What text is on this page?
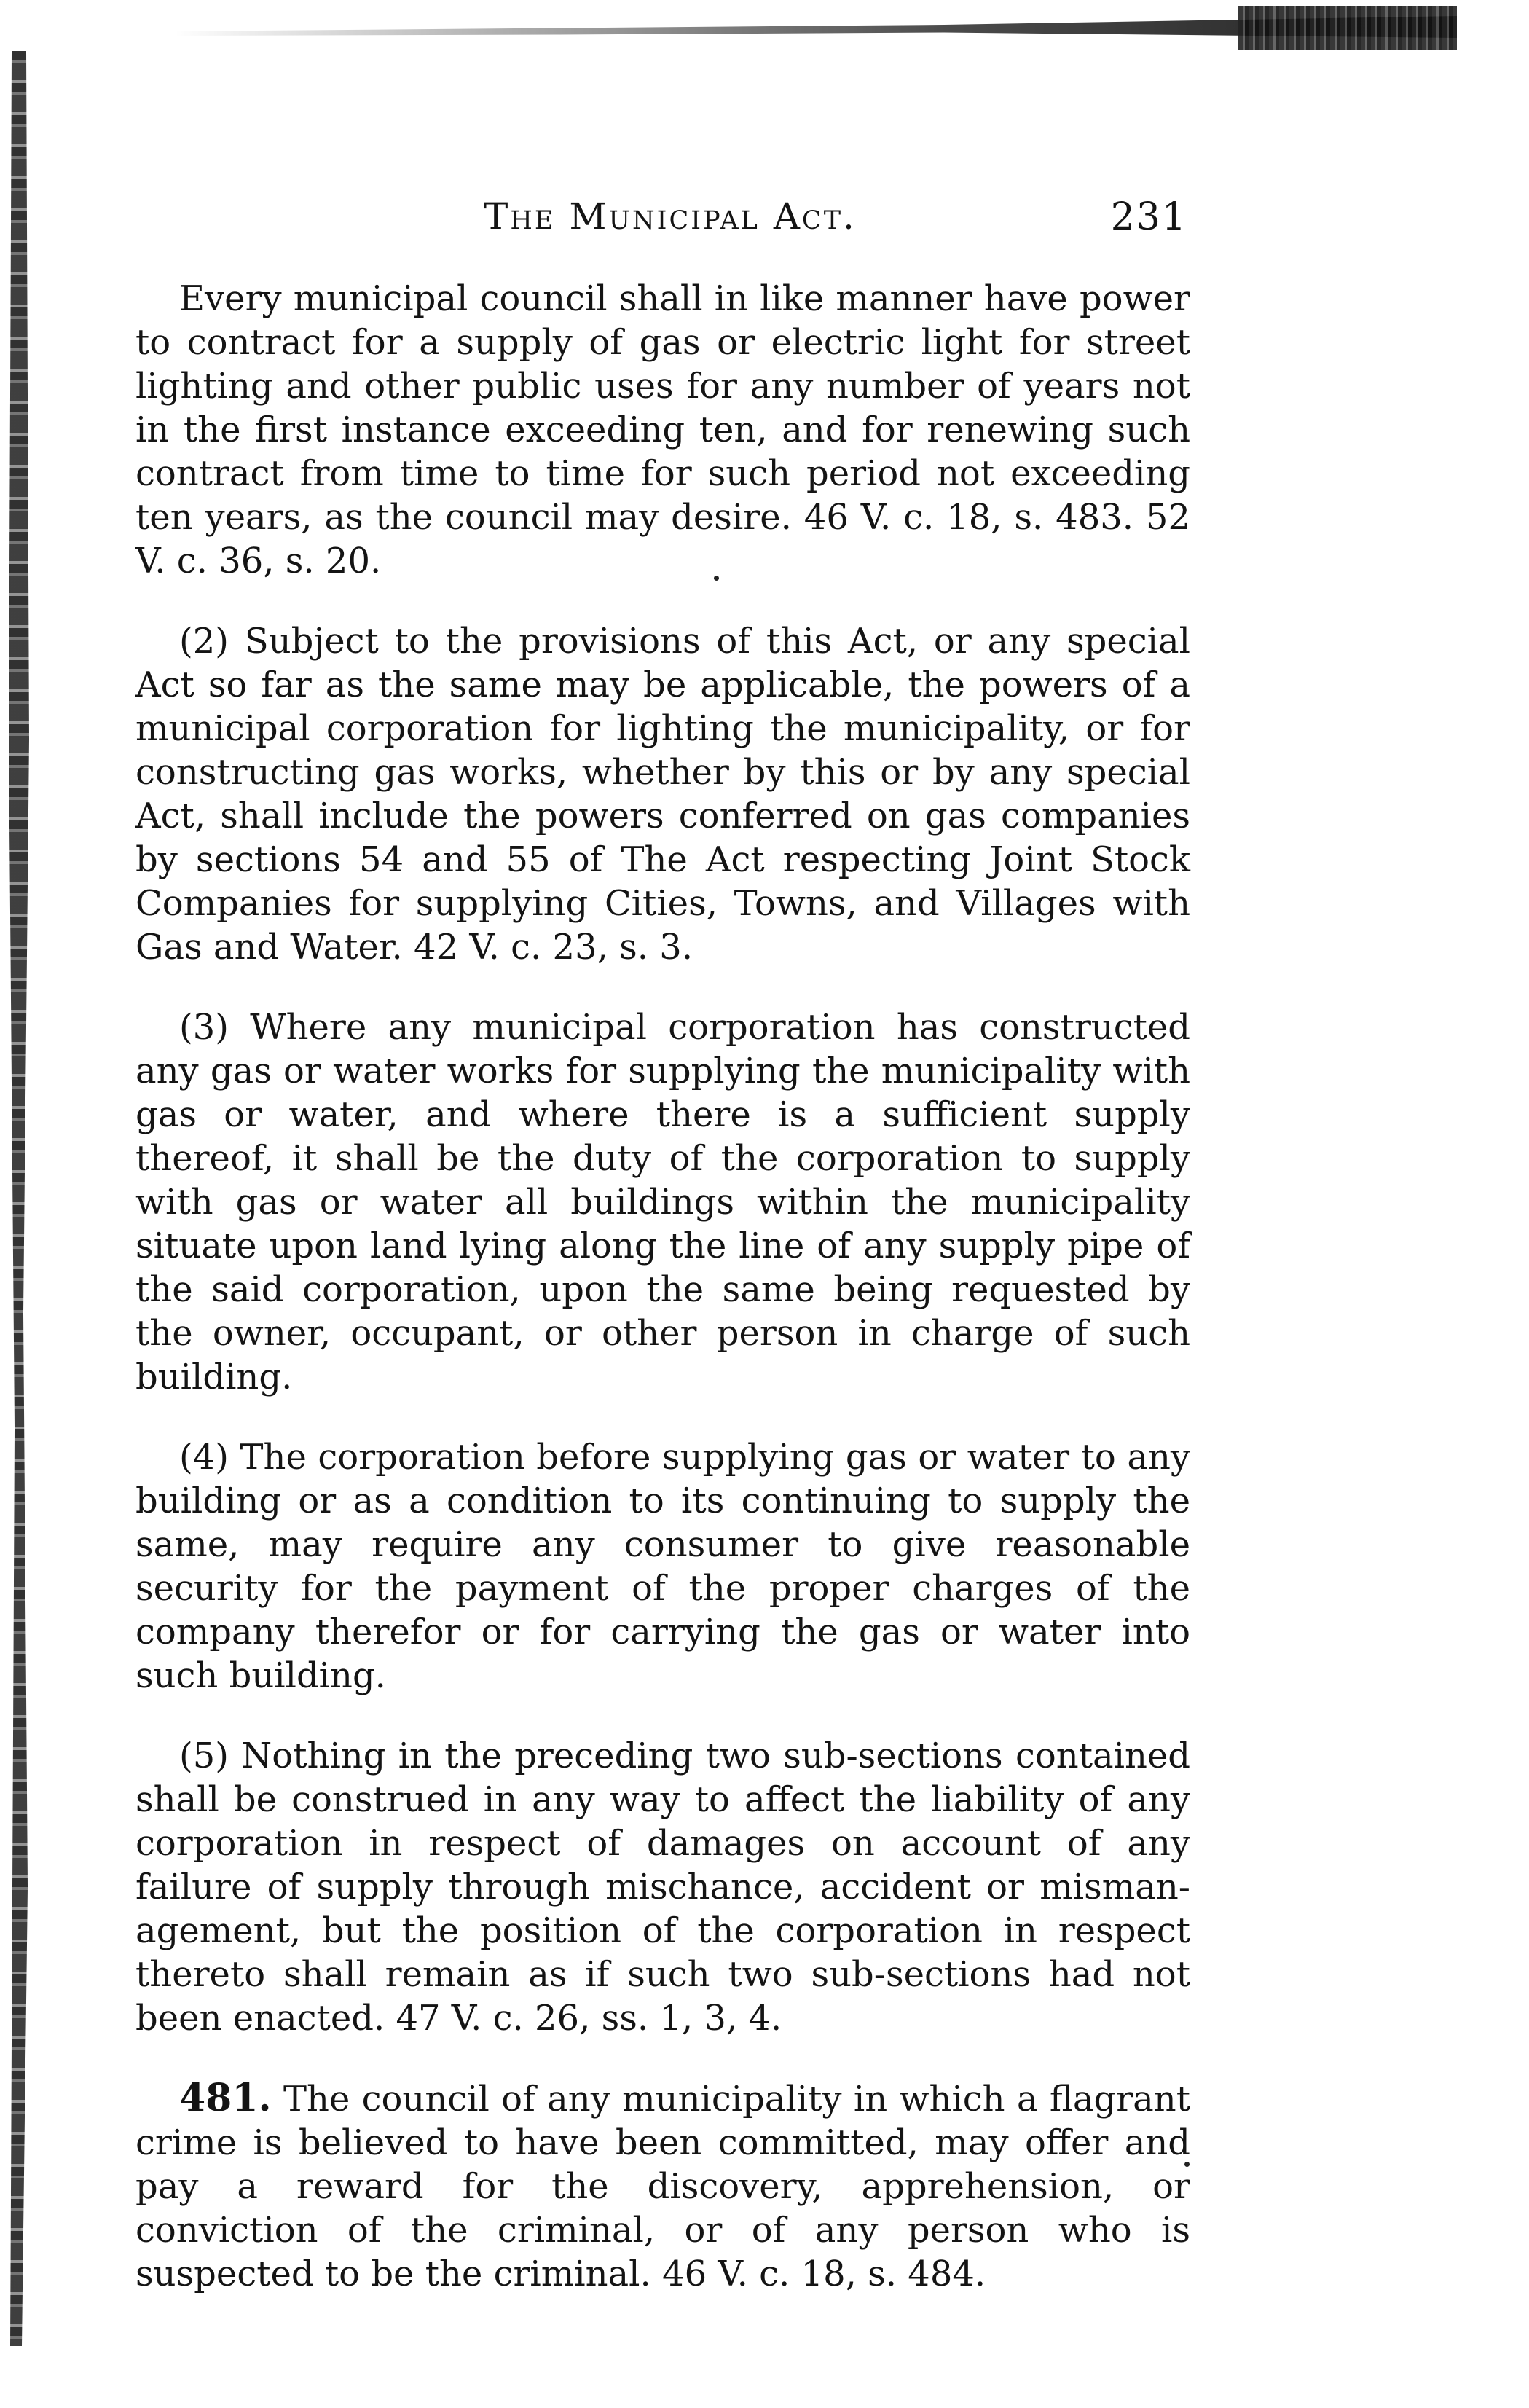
The Municipal Act.	231

Every municipal council shall in like manner have power to contract for a supply of gas or electric light for street lighting and other public uses for any number of years not in the first instance exceeding ten, and for renewing such contract from time to time for such period not exceeding ten years, as the council may desire. 46 V. c. 18, s. 483. 52 V. c. 36, s. 20.

(2) Subject to the provisions of this Act, or any special Act so far as the same may be applicable, the powers of a municipal corporation for lighting the municipality, or for constructing gas works, whether by this or by any special Act, shall include the powers conferred on gas companies by sections 54 and 55 of The Act respecting Joint Stock Companies for supplying Cities, Towns, and Villages with Gas and Water. 42 V. c. 23, s. 3.

(3) Where any municipal corporation has constructed any gas or water works for supplying the municipality with gas or water, and where there is a sufficient supply thereof, it shall be the duty of the corporation to supply with gas or water all buildings within the municipality situate upon land lying along the line of any supply pipe of the said corporation, upon the same being requested by the owner, occupant, or other person in charge of such building.

(4) The corporation before supplying gas or water to any building or as a condition to its continuing to supply the same, may require any consumer to give reasonable security for the payment of the proper charges of the company therefor or for carrying the gas or water into such building.

(5) Nothing in the preceding two sub-sections contained shall be construed in any way to affect the liability of any corporation in respect of damages on account of any failure of supply through mischance, accident or mismanagement, but the position of the corporation in respect thereto shall remain as if such two sub-sections had not been enacted. 47 V. c. 26, ss. 1, 3, 4.

481. The council of any municipality in which a flagrant crime is believed to have been committed, may offer and pay a reward for the discovery, apprehension, or conviction of the criminal, or of any person who is suspected to be the criminal. 46 V. c. 18, s. 484.
